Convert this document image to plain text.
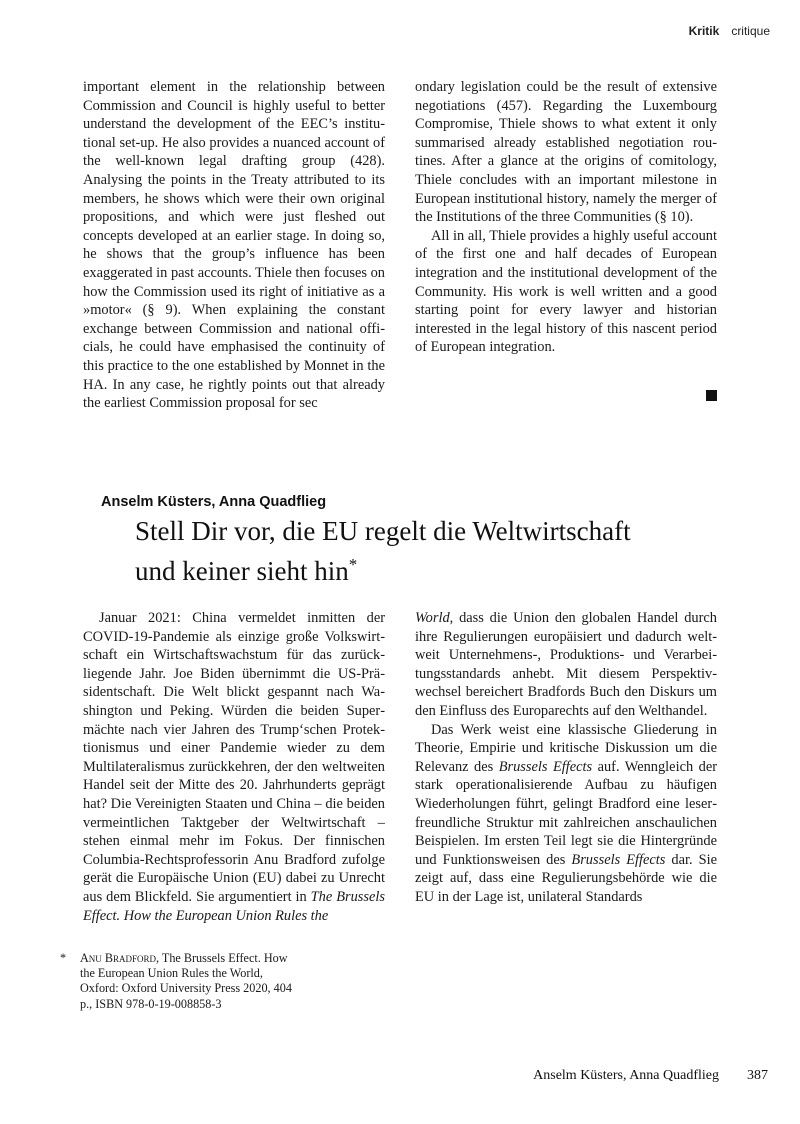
Kritik critique

important element in the relationship between Commission and Council is highly useful to better understand the development of the EEC’s institutional set-up. He also provides a nuanced account of the well-known legal drafting group (428). Analysing the points in the Treaty attributed to its members, he shows which were their own original propositions, and which were just fleshed out concepts developed at an earlier stage. In doing so, he shows that the group’s influence has been exaggerated in past accounts. Thiele then focuses on how the Commission used its right of initiative as a »motor« (§ 9). When explaining the constant exchange between Commission and national officials, he could have emphasised the continuity of this practice to the one established by Monnet in the HA. In any case, he rightly points out that already the earliest Commission proposal for sec

ondary legislation could be the result of extensive negotiations (457). Regarding the Luxembourg Compromise, Thiele shows to what extent it only summarised already established negotiation routines. After a glance at the origins of comitology, Thiele concludes with an important milestone in European institutional history, namely the merger of the Institutions of the three Communities (§ 10).

All in all, Thiele provides a highly useful account of the first one and half decades of European integration and the institutional development of the Community. His work is well written and a good starting point for every lawyer and historian interested in the legal history of this nascent period of European integration.

Anselm Küsters, Anna Quadflieg
Stell Dir vor, die EU regelt die Weltwirtschaft
und keiner sieht hin*

Januar 2021: China vermeldet inmitten der COVID-19-Pandemie als einzige große Volkswirtschaft ein Wirtschaftswachstum für das zurückliegende Jahr. Joe Biden übernimmt die US-Präsidentschaft. Die Welt blickt gespannt nach Washington und Peking. Würden die beiden Supermächte nach vier Jahren des Trump‘schen Protektionismus und einer Pandemie wieder zu dem Multilateralismus zurückkehren, der den weltweiten Handel seit der Mitte des 20. Jahrhunderts geprägt hat? Die Vereinigten Staaten und China – die beiden vermeintlichen Taktgeber der Weltwirtschaft – stehen einmal mehr im Fokus. Der finnischen Columbia-Rechtsprofessorin Anu Bradford zufolge gerät die Europäische Union (EU) dabei zu Unrecht aus dem Blickfeld. Sie argumentiert in The Brussels Effect. How the European Union Rules the

World, dass die Union den globalen Handel durch ihre Regulierungen europäisiert und dadurch weltweit Unternehmens-, Produktions- und Verarbeitungsstandards anhebt. Mit diesem Perspektivwechsel bereichert Bradfords Buch den Diskurs um den Einfluss des Europarechts auf den Welthandel.

Das Werk weist eine klassische Gliederung in Theorie, Empirie und kritische Diskussion um die Relevanz des Brussels Effects auf. Wenngleich der stark operationalisierende Aufbau zu häufigen Wiederholungen führt, gelingt Bradford eine leserfreundliche Struktur mit zahlreichen anschaulichen Beispielen. Im ersten Teil legt sie die Hintergründe und Funktionsweisen des Brussels Effects dar. Sie zeigt auf, dass eine Regulierungsbehörde wie die EU in der Lage ist, unilateral Standards

* Anu Bradford, The Brussels Effect. How the European Union Rules the World, Oxford: Oxford University Press 2020, 404 p., ISBN 978-0-19-008858-3
Anselm Küsters, Anna Quadflieg 387
